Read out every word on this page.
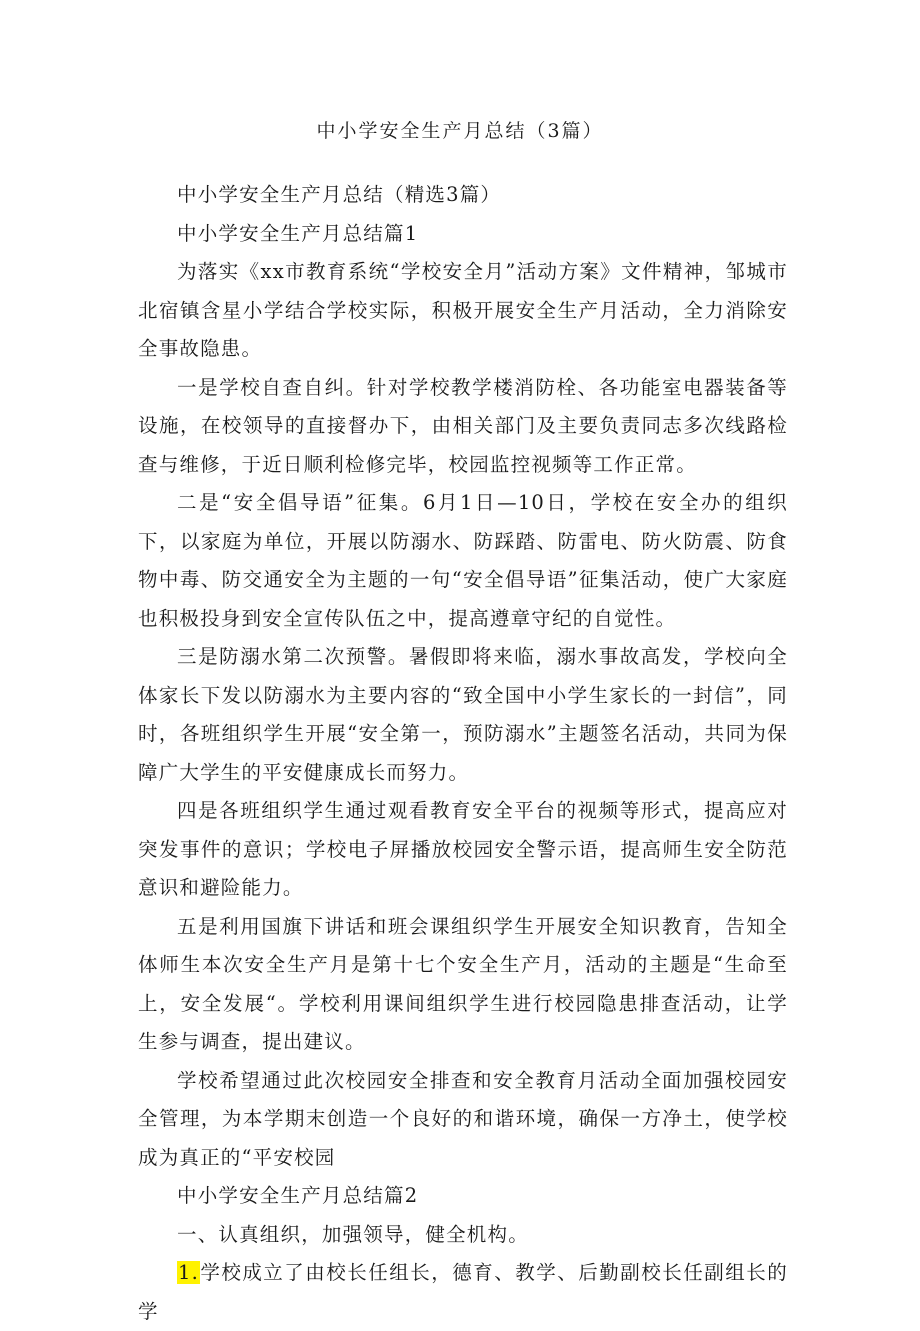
中小学安全生产月总结（3篇）

中小学安全生产月总结（精选3篇）

中小学安全生产月总结篇1

为落实《xx市教育系统“学校安全月”活动方案》文件精神，邹城市北宿镇含星小学结合学校实际，积极开展安全生产月活动，全力消除安全事故隐患。

一是学校自查自纠。针对学校教学楼消防栓、各功能室电器装备等设施，在校领导的直接督办下，由相关部门及主要负责同志多次线路检查与维修，于近日顺利检修完毕，校园监控视频等工作正常。

二是“安全倡导语”征集。6月1日—10日，学校在安全办的组织下，以家庭为单位，开展以防溺水、防踩踏、防雷电、防火防震、防食物中毒、防交通安全为主题的一句“安全倡导语”征集活动，使广大家庭也积极投身到安全宣传队伍之中，提高遵章守纪的自觉性。

三是防溺水第二次预警。暑假即将来临，溺水事故高发，学校向全体家长下发以防溺水为主要内容的“致全国中小学生家长的一封信”，同时，各班组织学生开展“安全第一，预防溺水”主题签名活动，共同为保障广大学生的平安健康成长而努力。

四是各班组织学生通过观看教育安全平台的视频等形式，提高应对突发事件的意识；学校电子屏播放校园安全警示语，提高师生安全防范意识和避险能力。

五是利用国旗下讲话和班会课组织学生开展安全知识教育，告知全体师生本次安全生产月是第十七个安全生产月，活动的主题是“生命至上，安全发展“。学校利用课间组织学生进行校园隐患排查活动，让学生参与调查，提出建议。

学校希望通过此次校园安全排查和安全教育月活动全面加强校园安全管理，为本学期末创造一个良好的和谐环境，确保一方净土，使学校成为真正的“平安校园

中小学安全生产月总结篇2

一、认真组织，加强领导，健全机构。

1.学校成立了由校长任组长，德育、教学、后勤副校长任副组长的学
